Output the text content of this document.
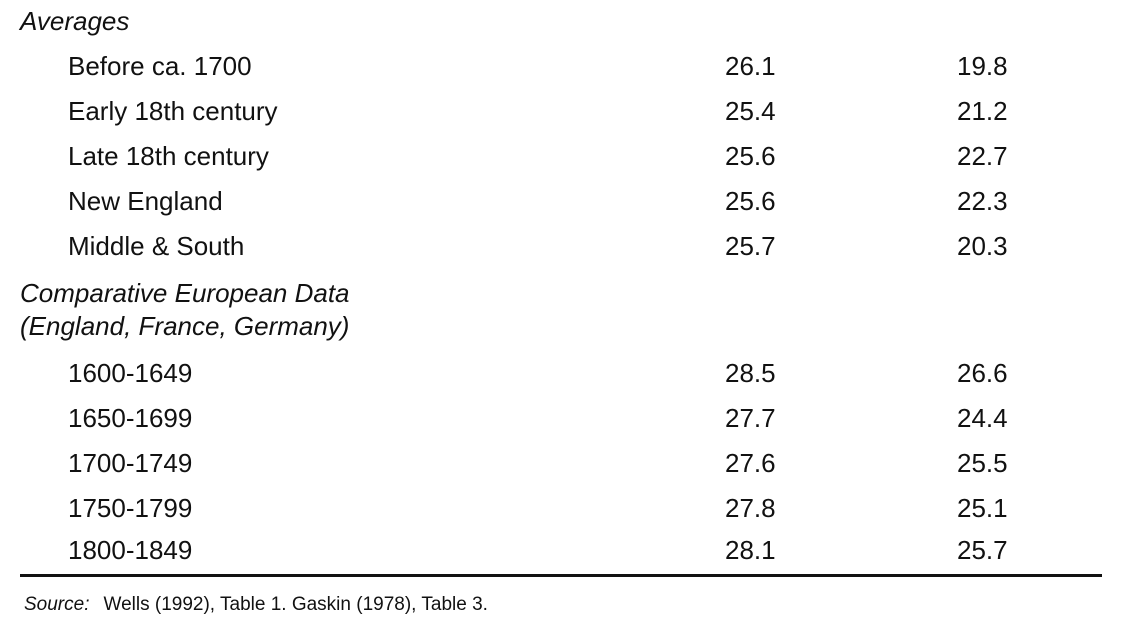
Averages
Before ca. 1700	26.1	19.8
Early 18th century	25.4	21.2
Late 18th century	25.6	22.7
New England	25.6	22.3
Middle & South	25.7	20.3
Comparative European Data
(England, France, Germany)
1600-1649	28.5	26.6
1650-1699	27.7	24.4
1700-1749	27.6	25.5
1750-1799	27.8	25.1
1800-1849	28.1	25.7
Source: Wells (1992), Table 1. Gaskin (1978), Table 3.
